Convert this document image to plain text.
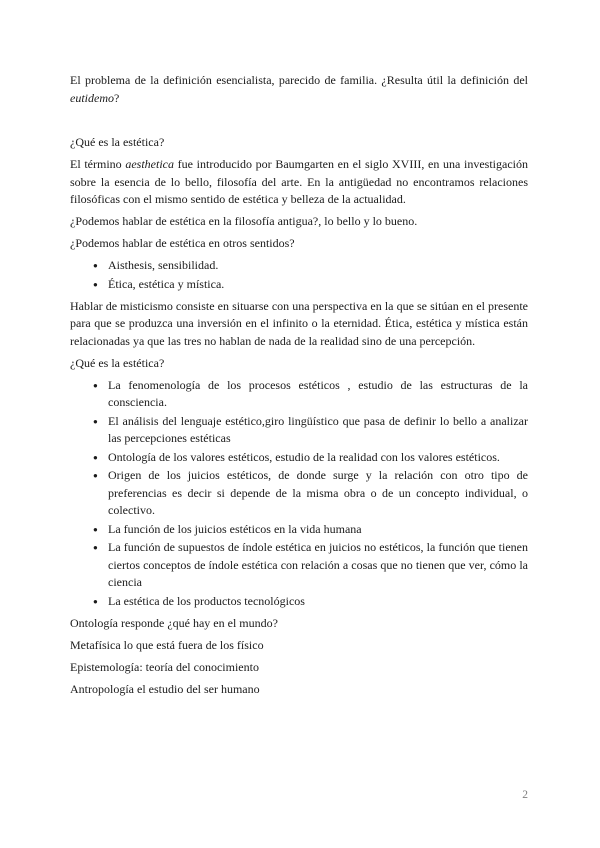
El problema de la definición esencialista, parecido de familia. ¿Resulta útil la definición del eutidemo?

¿Qué es la estética?

El término aesthetica fue introducido por Baumgarten en el siglo XVIII, en una investigación sobre la esencia de lo bello, filosofía del arte. En la antigüedad no encontramos relaciones filosóficas con el mismo sentido de estética y belleza de la actualidad.

¿Podemos hablar de estética en la filosofía antigua?, lo bello y lo bueno.

¿Podemos hablar de estética en otros sentidos?

● Aisthesis, sensibilidad.
● Ética, estética y mística.

Hablar de misticismo consiste en situarse con una perspectiva en la que se sitúan en el presente para que se produzca una inversión en el infinito o la eternidad. Ética, estética y mística están relacionadas ya que las tres no hablan de nada de la realidad sino de una percepción.

¿Qué es la estética?

● La fenomenología de los procesos estéticos , estudio de las estructuras de la consciencia.
● El análisis del lenguaje estético,giro lingüístico que pasa de definir lo bello a analizar las percepciones estéticas
● Ontología de los valores estéticos, estudio de la realidad con los valores estéticos.
● Origen de los juicios estéticos, de donde surge y la relación con otro tipo de preferencias es decir si depende de la misma obra o de un concepto individual, o colectivo.
● La función de los juicios estéticos en la vida humana
● La función de supuestos de índole estética en juicios no estéticos, la función que tienen ciertos conceptos de índole estética con relación a cosas que no tienen que ver, cómo la ciencia
● La estética de los productos tecnológicos

Ontología responde ¿qué hay en el mundo?

Metafísica lo que está fuera de los físico

Epistemología: teoría del conocimiento

Antropología el estudio del ser humano

2
